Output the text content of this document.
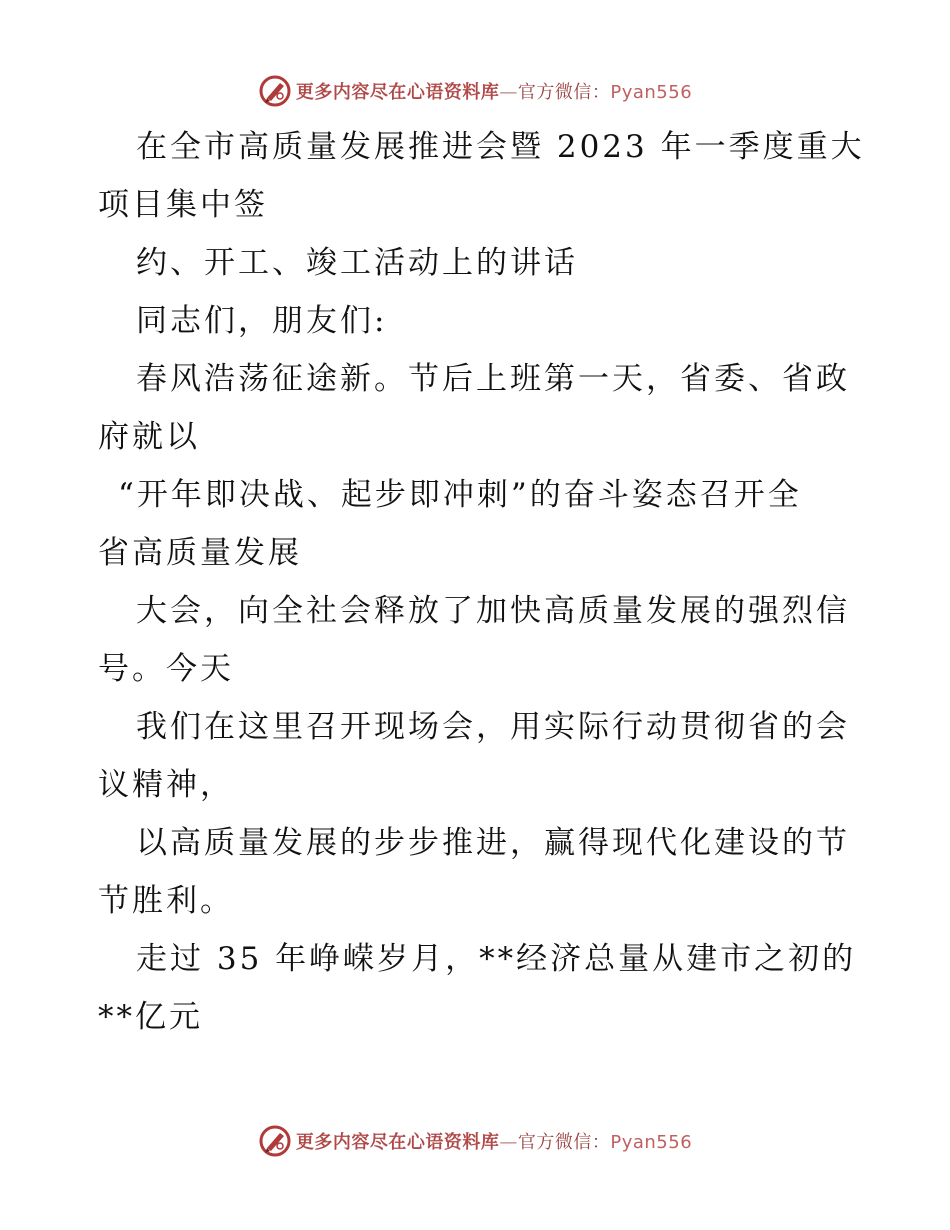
更多内容尽在心语资料库—官方微信：Pyan556
在全市高质量发展推进会暨 2023 年一季度重大
项目集中签
约、开工、竣工活动上的讲话
同志们，朋友们:
春风浩荡征途新。节后上班第一天，省委、省政
府就以
“开年即决战、起步即冲刺”的奋斗姿态召开全
省高质量发展
大会，向全社会释放了加快高质量发展的强烈信
号。今天
我们在这里召开现场会，用实际行动贯彻省的会
议精神，
以高质量发展的步步推进，赢得现代化建设的节
节胜利。
走过 35 年峥嵘岁月，**经济总量从建市之初的
**亿元
更多内容尽在心语资料库—官方微信：Pyan556
